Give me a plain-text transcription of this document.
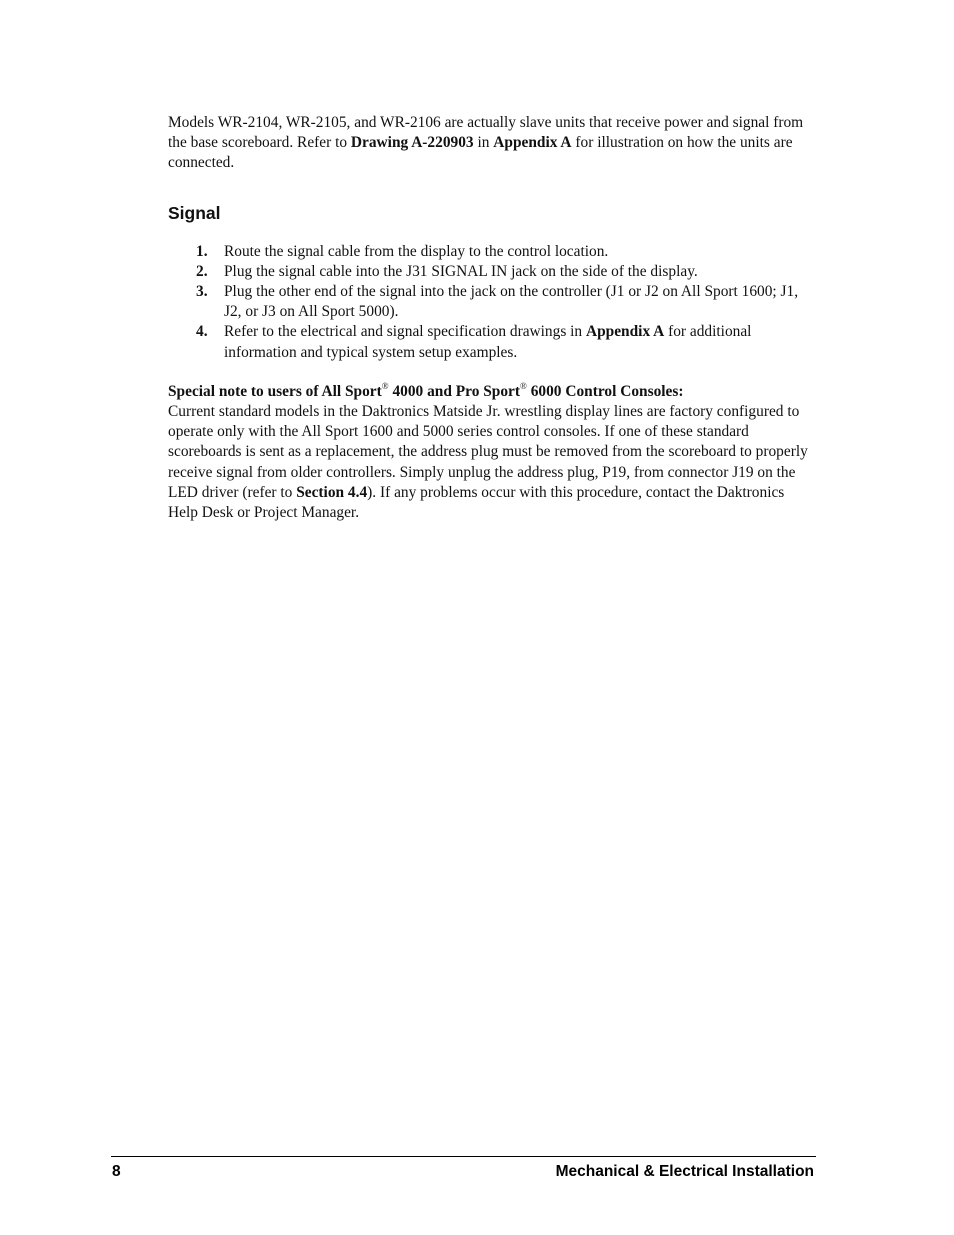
Models WR-2104, WR-2105, and WR-2106 are actually slave units that receive power and signal from the base scoreboard. Refer to Drawing A-220903 in Appendix A for illustration on how the units are connected.

Signal
1. Route the signal cable from the display to the control location.
2. Plug the signal cable into the J31 SIGNAL IN jack on the side of the display.
3. Plug the other end of the signal into the jack on the controller (J1 or J2 on All Sport 1600; J1, J2, or J3 on All Sport 5000).
4. Refer to the electrical and signal specification drawings in Appendix A for additional information and typical system setup examples.

Special note to users of All Sport® 4000 and Pro Sport® 6000 Control Consoles:

Current standard models in the Daktronics Matside Jr. wrestling display lines are factory configured to operate only with the All Sport 1600 and 5000 series control consoles. If one of these standard scoreboards is sent as a replacement, the address plug must be removed from the scoreboard to properly receive signal from older controllers. Simply unplug the address plug, P19, from connector J19 on the LED driver (refer to Section 4.4). If any problems occur with this procedure, contact the Daktronics Help Desk or Project Manager.

8	Mechanical & Electrical Installation
